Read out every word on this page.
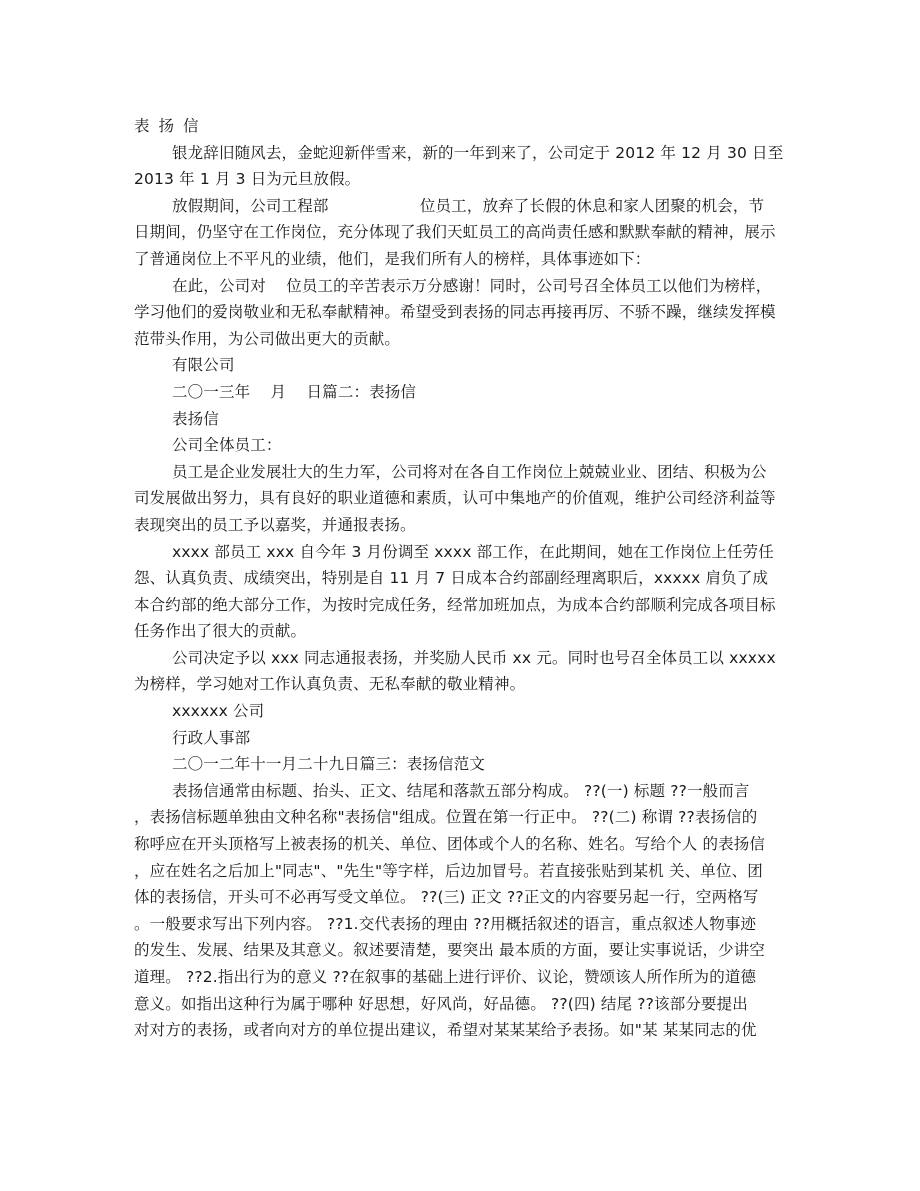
表扬信
银龙辞旧随风去，金蛇迎新伴雪来，新的一年到来了，公司定于 2012 年 12 月 30 日至
2013 年 1 月 3 日为元旦放假。
放假期间，公司工程部                  位员工，放弃了长假的休息和家人团聚的机会，节
日期间，仍坚守在工作岗位，充分体现了我们天虹员工的高尚责任感和默默奉献的精神，展示
了普通岗位上不平凡的业绩，他们，是我们所有人的榜样，具体事迹如下：
在此，公司对    位员工的辛苦表示万分感谢！同时，公司号召全体员工以他们为榜样，
学习他们的爱岗敬业和无私奉献精神。希望受到表扬的同志再接再厉、不骄不躁，继续发挥模
范带头作用，为公司做出更大的贡献。
有限公司
二〇一三年    月    日篇二：表扬信
表扬信
公司全体员工：
员工是企业发展壮大的生力军，公司将对在各自工作岗位上兢兢业业、团结、积极为公
司发展做出努力，具有良好的职业道德和素质，认可中集地产的价值观，维护公司经济利益等
表现突出的员工予以嘉奖，并通报表扬。
xxxx 部员工 xxx 自今年 3 月份调至 xxxx 部工作，在此期间，她在工作岗位上任劳任
怨、认真负责、成绩突出，特别是自 11 月 7 日成本合约部副经理离职后，xxxxx 肩负了成
本合约部的绝大部分工作，为按时完成任务，经常加班加点，为成本合约部顺利完成各项目标
任务作出了很大的贡献。
公司决定予以 xxx 同志通报表扬，并奖励人民币 xx 元。同时也号召全体员工以 xxxxx
为榜样，学习她对工作认真负责、无私奉献的敬业精神。
xxxxxx 公司
行政人事部
二〇一二年十一月二十九日篇三：表扬信范文
表扬信通常由标题、抬头、正文、结尾和落款五部分构成。 ??(一) 标题 ??一般而言
，表扬信标题单独由文种名称"表扬信"组成。位置在第一行正中。 ??(二) 称谓 ??表扬信的
称呼应在开头顶格写上被表扬的机关、单位、团体或个人的名称、姓名。写给个人 的表扬信
，应在姓名之后加上"同志"、"先生"等字样，后边加冒号。若直接张贴到某机 关、单位、团
体的表扬信，开头可不必再写受文单位。 ??(三) 正文 ??正文的内容要另起一行，空两格写
。一般要求写出下列内容。 ??1.交代表扬的理由 ??用概括叙述的语言，重点叙述人物事迹
的发生、发展、结果及其意义。叙述要清楚，要突出 最本质的方面，要让实事说话，少讲空
道理。 ??2.指出行为的意义 ??在叙事的基础上进行评价、议论，赞颂该人所作所为的道德
意义。如指出这种行为属于哪种 好思想，好风尚，好品德。 ??(四) 结尾 ??该部分要提出
对对方的表扬，或者向对方的单位提出建议，希望对某某某给予表扬。如"某 某某同志的优
